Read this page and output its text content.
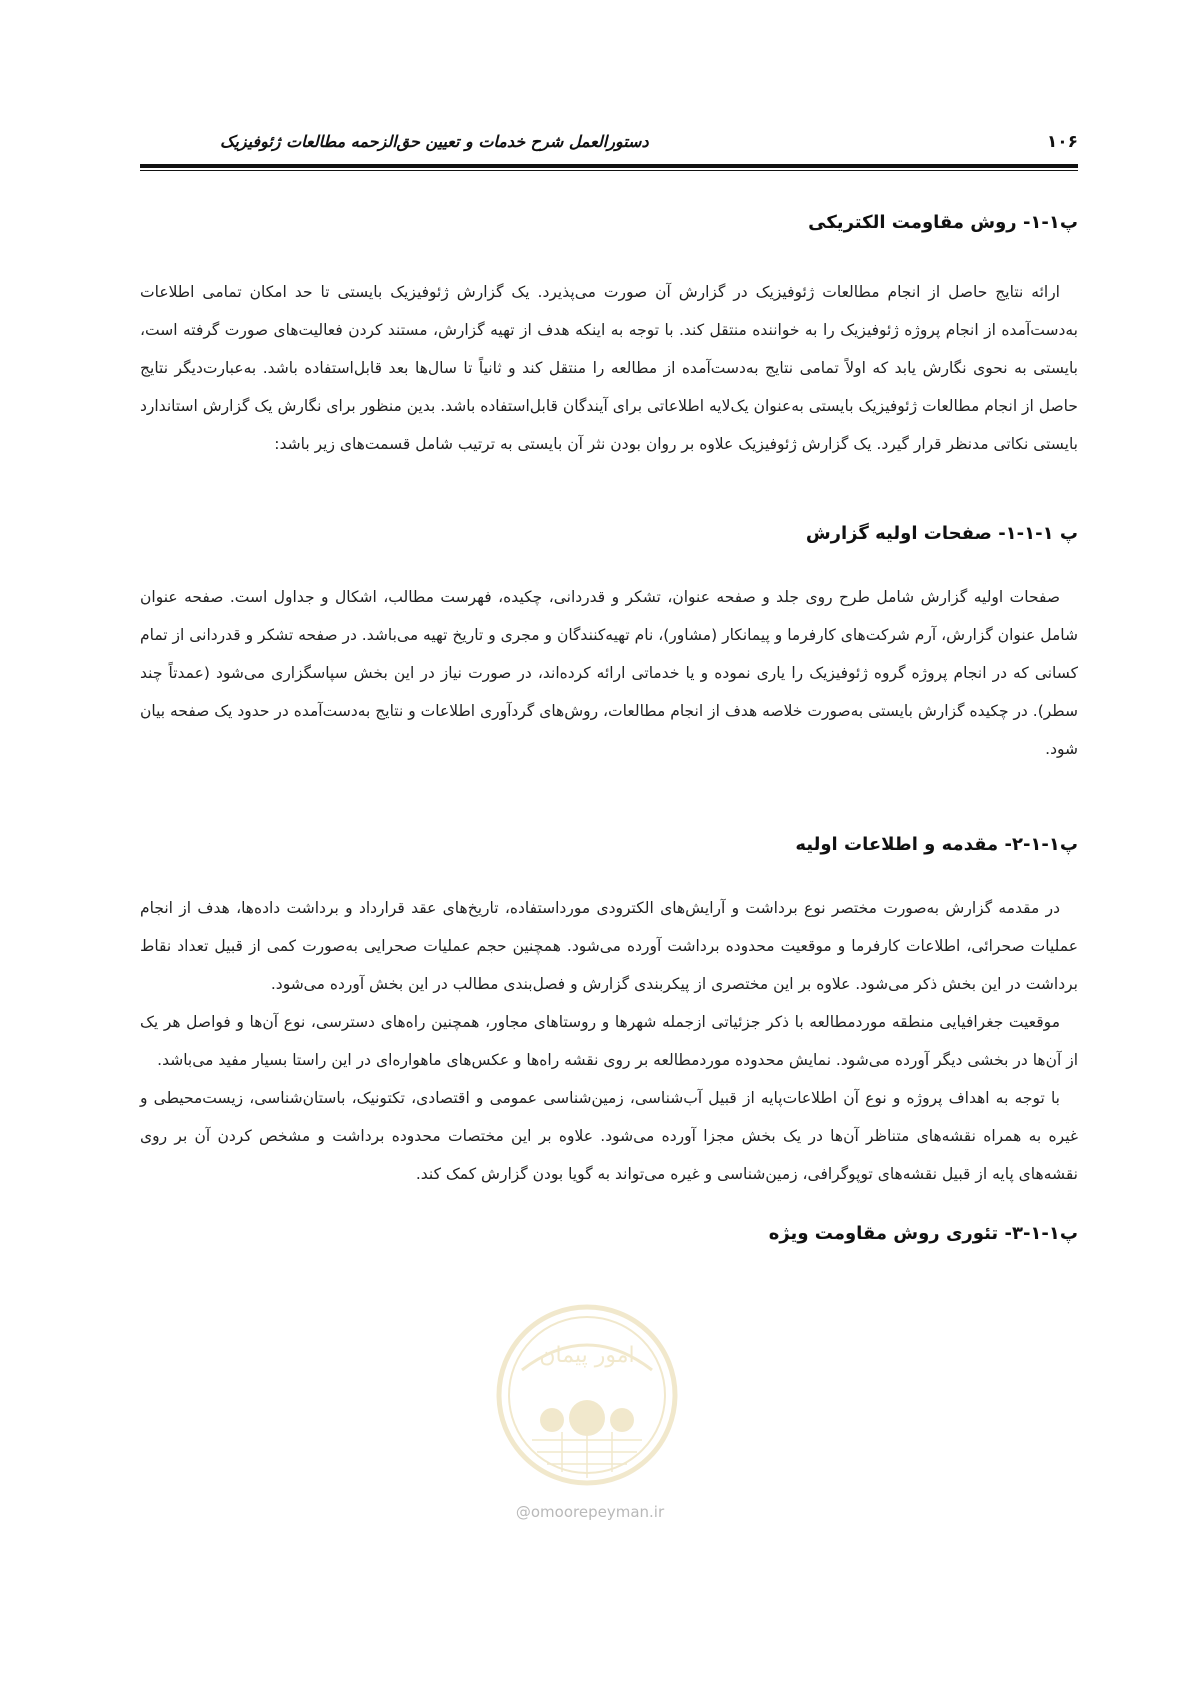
۱۰۶
دستورالعمل شرح خدمات و تعیین حق‌الزحمه مطالعات ژئوفیزیک
پ۱-۱- روش مقاومت الکتریکی

ارائه نتایج حاصل از انجام مطالعات ژئوفیزیک در گزارش آن صورت می‌پذیرد. یک گزارش ژئوفیزیک بایستی تا حد امکان تمامی اطلاعات به‌دست‌آمده از انجام پروژه ژئوفیزیک را به خواننده منتقل کند. با توجه به اینکه هدف از تهیه گزارش، مستند کردن فعالیت‌های صورت گرفته است، بایستی به نحوی نگارش یابد که اولاً تمامی نتایج به‌دست‌آمده از مطالعه را منتقل کند و ثانیاً تا سال‌ها بعد قابل‌استفاده باشد. به‌عبارت‌دیگر نتایج حاصل از انجام مطالعات ژئوفیزیک بایستی به‌عنوان یک‌لایه اطلاعاتی برای آیندگان قابل‌استفاده باشد. بدین منظور برای نگارش یک گزارش استاندارد بایستی نکاتی مدنظر قرار گیرد. یک گزارش ژئوفیزیک علاوه بر روان بودن نثر آن بایستی به ترتیب شامل قسمت‌های زیر باشد:

پ ۱-۱-۱- صفحات اولیه گزارش

صفحات اولیه گزارش شامل طرح روی جلد و صفحه عنوان، تشکر و قدردانی، چکیده، فهرست مطالب، اشکال و جداول است. صفحه عنوان شامل عنوان گزارش، آرم شرکت‌های کارفرما و پیمانکار (مشاور)، نام تهیه‌کنندگان و مجری و تاریخ تهیه می‌باشد. در صفحه تشکر و قدردانی از تمام کسانی که در انجام پروژه گروه ژئوفیزیک را یاری نموده و یا خدماتی ارائه کرده‌اند، در صورت نیاز در این بخش سپاسگزاری می‌شود (عمدتاً چند سطر). در چکیده گزارش بایستی به‌صورت خلاصه هدف از انجام مطالعات، روش‌های گردآوری اطلاعات و نتایج به‌دست‌آمده در حدود یک صفحه بیان شود.

پ۱-۱-۲- مقدمه و اطلاعات اولیه

در مقدمه گزارش به‌صورت مختصر نوع برداشت و آرایش‌های الکترودی مورداستفاده، تاریخ‌های عقد قرارداد و برداشت داده‌ها، هدف از انجام عملیات صحرائی، اطلاعات کارفرما و موقعیت محدوده برداشت آورده می‌شود. همچنین حجم عملیات صحرایی به‌صورت کمی از قبیل تعداد نقاط برداشت در این بخش ذکر می‌شود. علاوه بر این مختصری از پیکربندی گزارش و فصل‌بندی مطالب در این بخش آورده می‌شود.

موقعیت جغرافیایی منطقه موردمطالعه با ذکر جزئیاتی ازجمله شهرها و روستاهای مجاور، همچنین راه‌های دسترسی، نوع آن‌ها و فواصل هر یک از آن‌ها در بخشی دیگر آورده می‌شود. نمایش محدوده موردمطالعه بر روی نقشه راه‌ها و عکس‌های ماهواره‌ای در این راستا بسیار مفید می‌باشد.

با توجه به اهداف پروژه و نوع آن اطلاعات‌پایه از قبیل آب‌شناسی، زمین‌شناسی عمومی و اقتصادی، تکتونیک، باستان‌شناسی، زیست‌محیطی و غیره به همراه نقشه‌های متناظر آن‌ها در یک بخش مجزا آورده می‌شود. علاوه بر این مختصات محدوده برداشت و مشخص کردن آن بر روی نقشه‌های پایه از قبیل نقشه‌های توپوگرافی، زمین‌شناسی و غیره می‌تواند به گویا بودن گزارش کمک کند.

پ۱-۱-۳- تئوری روش مقاومت ویژه
امور پیمان
@omoorepeyman.ir
